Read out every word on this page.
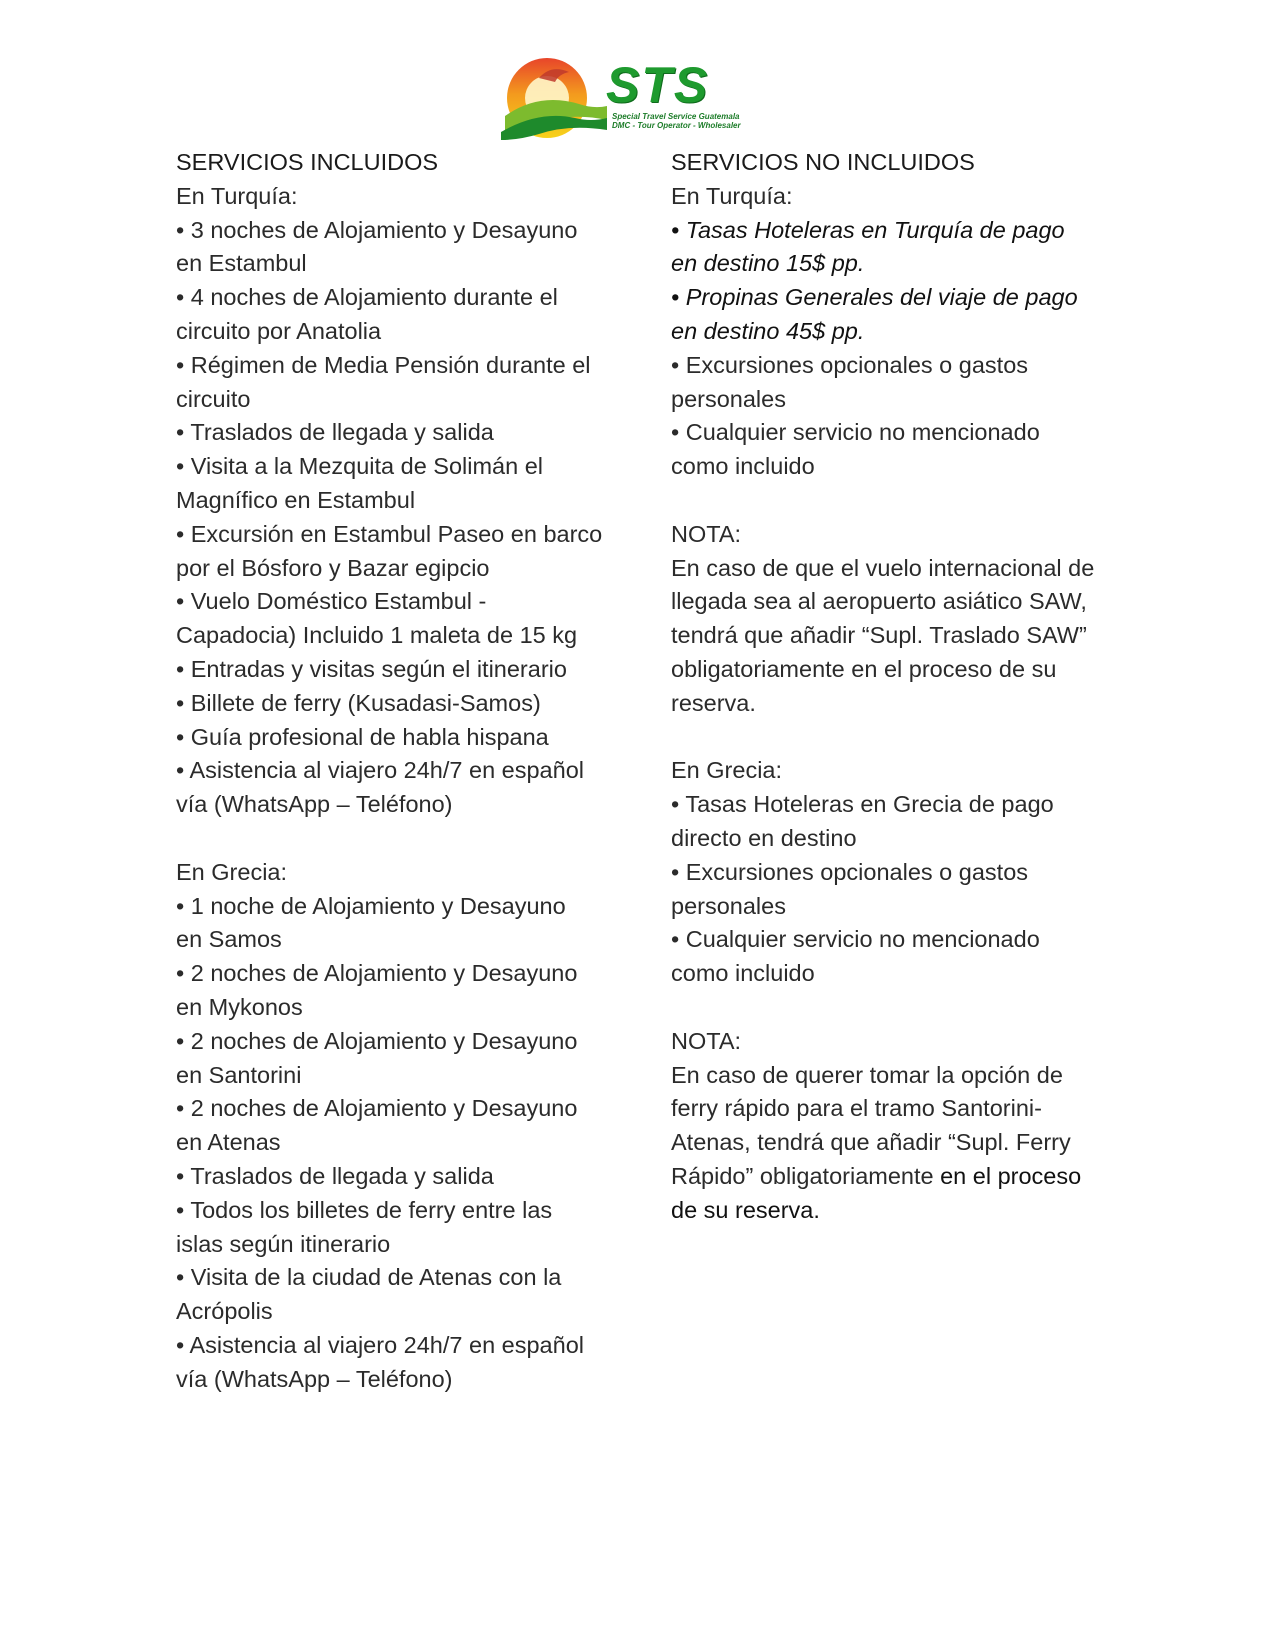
STS
Special Travel Service Guatemala
DMC - Tour Operator - Wholesaler
SERVICIOS INCLUIDOS
En Turquía:
• 3 noches de Alojamiento y Desayuno
en Estambul
• 4 noches de Alojamiento durante el
circuito por Anatolia
• Régimen de Media Pensión durante el
circuito
• Traslados de llegada y salida
• Visita a la Mezquita de Solimán el
Magnífico en Estambul
• Excursión en Estambul Paseo en barco
por el Bósforo y Bazar egipcio
• Vuelo Doméstico Estambul -
Capadocia) Incluido 1 maleta de 15 kg
• Entradas y visitas según el itinerario
• Billete de ferry (Kusadasi-Samos)
• Guía profesional de habla hispana
• Asistencia al viajero 24h/7 en español
vía (WhatsApp – Teléfono)
En Grecia:
• 1 noche de Alojamiento y Desayuno
en Samos
• 2 noches de Alojamiento y Desayuno
en Mykonos
• 2 noches de Alojamiento y Desayuno
en Santorini
• 2 noches de Alojamiento y Desayuno
en Atenas
• Traslados de llegada y salida
• Todos los billetes de ferry entre las
islas según itinerario
• Visita de la ciudad de Atenas con la
Acrópolis
• Asistencia al viajero 24h/7 en español
vía (WhatsApp – Teléfono)
SERVICIOS NO INCLUIDOS
En Turquía:
• Tasas Hoteleras en Turquía de pago
en destino 15$ pp.
• Propinas Generales del viaje de pago
en destino 45$ pp.
• Excursiones opcionales o gastos
personales
• Cualquier servicio no mencionado
como incluido
NOTA:
En caso de que el vuelo internacional de
llegada sea al aeropuerto asiático SAW,
tendrá que añadir “Supl. Traslado SAW”
obligatoriamente en el proceso de su
reserva.
En Grecia:
• Tasas Hoteleras en Grecia de pago
directo en destino
• Excursiones opcionales o gastos
personales
• Cualquier servicio no mencionado
como incluido
NOTA:
En caso de querer tomar la opción de
ferry rápido para el tramo Santorini-
Atenas, tendrá que añadir “Supl. Ferry
Rápido” obligatoriamente en el proceso
de su reserva.
